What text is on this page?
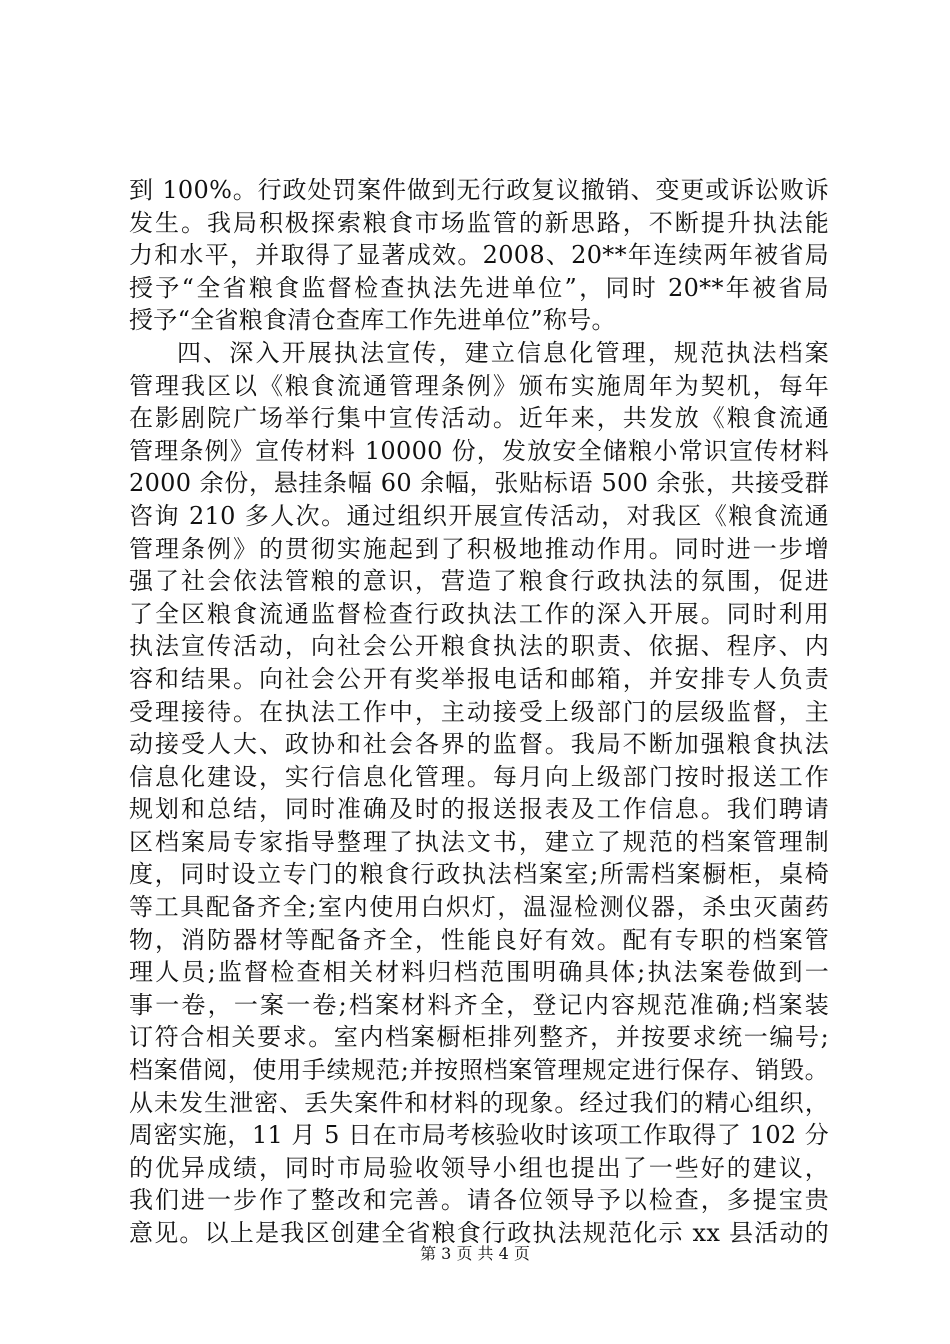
到 100%。行政处罚案件做到无行政复议撤销、变更或诉讼败诉
发生。我局积极探索粮食市场监管的新思路，不断提升执法能
力和水平，并取得了显著成效。2008、20**年连续两年被省局
授予“全省粮食监督检查执法先进单位”，同时 20**年被省局
授予“全省粮食清仓查库工作先进单位”称号。
四、深入开展执法宣传，建立信息化管理，规范执法档案
管理我区以《粮食流通管理条例》颁布实施周年为契机，每年
在影剧院广场举行集中宣传活动。近年来，共发放《粮食流通
管理条例》宣传材料 10000 份，发放安全储粮小常识宣传材料
2000 余份，悬挂条幅 60 余幅，张贴标语 500 余张，共接受群
咨询 210 多人次。通过组织开展宣传活动，对我区《粮食流通
管理条例》的贯彻实施起到了积极地推动作用。同时进一步增
强了社会依法管粮的意识，营造了粮食行政执法的氛围，促进
了全区粮食流通监督检查行政执法工作的深入开展。同时利用
执法宣传活动，向社会公开粮食执法的职责、依据、程序、内
容和结果。向社会公开有奖举报电话和邮箱，并安排专人负责
受理接待。在执法工作中，主动接受上级部门的层级监督，主
动接受人大、政协和社会各界的监督。我局不断加强粮食执法
信息化建设，实行信息化管理。每月向上级部门按时报送工作
规划和总结，同时准确及时的报送报表及工作信息。我们聘请
区档案局专家指导整理了执法文书，建立了规范的档案管理制
度，同时设立专门的粮食行政执法档案室;所需档案橱柜，桌椅
等工具配备齐全;室内使用白炽灯，温湿检测仪器，杀虫灭菌药
物，消防器材等配备齐全，性能良好有效。配有专职的档案管
理人员;监督检查相关材料归档范围明确具体;执法案卷做到一
事一卷，一案一卷;档案材料齐全，登记内容规范准确;档案装
订符合相关要求。室内档案橱柜排列整齐，并按要求统一编号;
档案借阅，使用手续规范;并按照档案管理规定进行保存、销毁。
从未发生泄密、丢失案件和材料的现象。经过我们的精心组织，
周密实施，11 月 5 日在市局考核验收时该项工作取得了 102 分
的优异成绩，同时市局验收领导小组也提出了一些好的建议，
我们进一步作了整改和完善。请各位领导予以检查，多提宝贵
意见。以上是我区创建全省粮食行政执法规范化示 xx 县活动的
第 3 页 共 4 页
